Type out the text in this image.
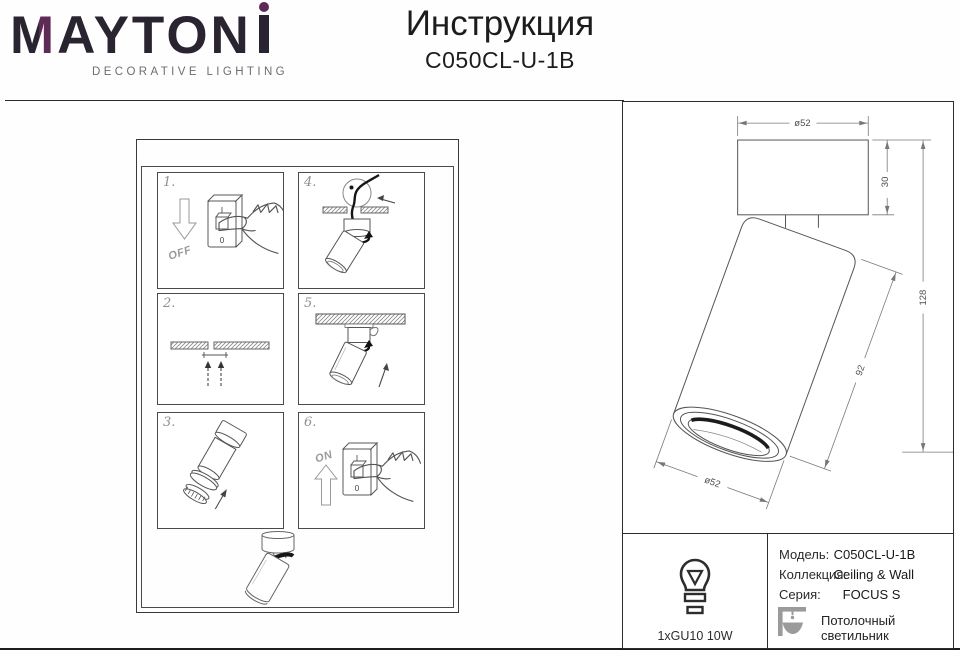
MAYTON
DECORATIVE LIGHTING
Инструкция
C050CL-U-1B
1.
OFF
I
0
4.
2.	5.
3.	6.
ON	I
0
ø52
30
128
92
ø52
1xGU10 10W
Модель: C050CL-U-1B
Коллекция: Ceiling & Wall
Серия: FOCUS S
Потолочный светильник
